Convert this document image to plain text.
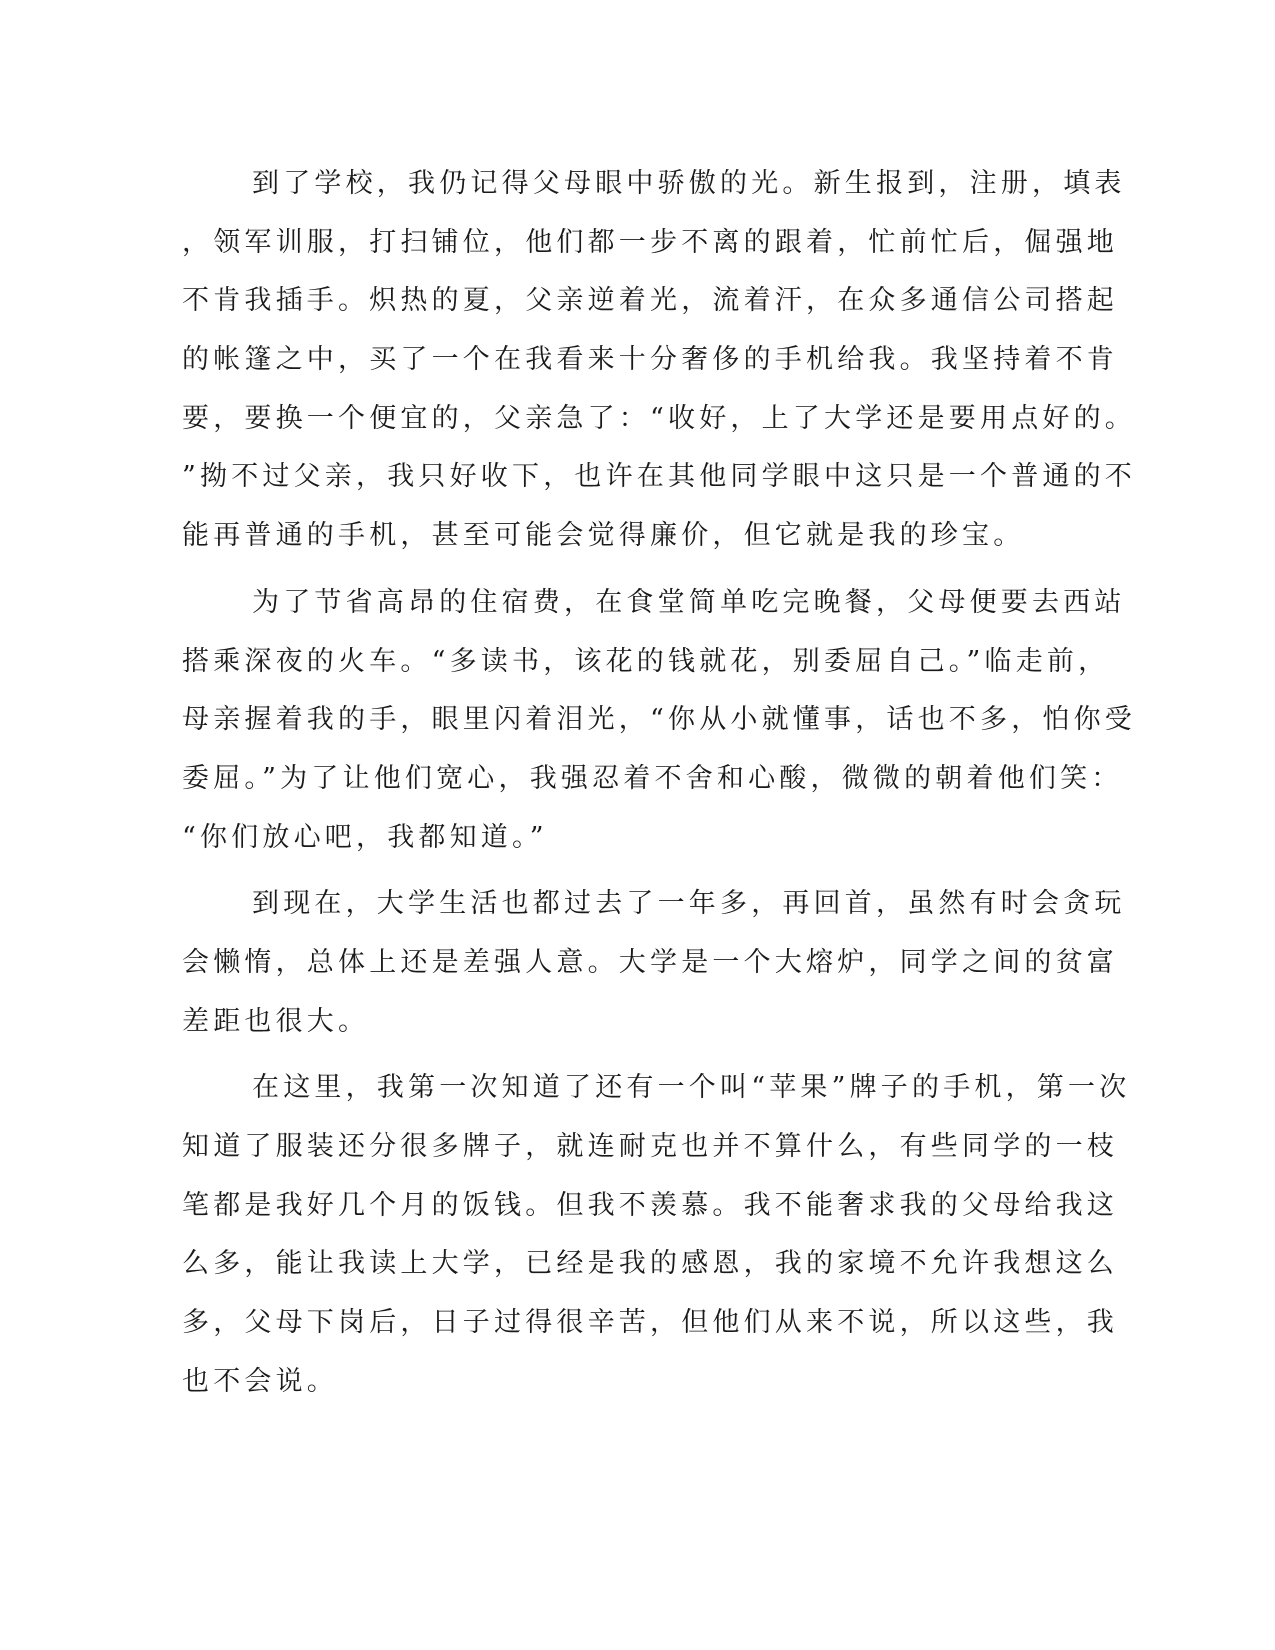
到了学校，我仍记得父母眼中骄傲的光。新生报到，注册，填表
，领军训服，打扫铺位，他们都一步不离的跟着，忙前忙后，倔强地
不肯我插手。炽热的夏，父亲逆着光，流着汗，在众多通信公司搭起
的帐篷之中，买了一个在我看来十分奢侈的手机给我。我坚持着不肯
要，要换一个便宜的，父亲急了：“收好，上了大学还是要用点好的。
”拗不过父亲，我只好收下，也许在其他同学眼中这只是一个普通的不
能再普通的手机，甚至可能会觉得廉价，但它就是我的珍宝。
为了节省高昂的住宿费，在食堂简单吃完晚餐，父母便要去西站
搭乘深夜的火车。“多读书，该花的钱就花，别委屈自己。”临走前，
母亲握着我的手，眼里闪着泪光，“你从小就懂事，话也不多，怕你受
委屈。”为了让他们宽心，我强忍着不舍和心酸，微微的朝着他们笑：
“你们放心吧，我都知道。”
到现在，大学生活也都过去了一年多，再回首，虽然有时会贪玩
会懒惰，总体上还是差强人意。大学是一个大熔炉，同学之间的贫富
差距也很大。
在这里，我第一次知道了还有一个叫“苹果”牌子的手机，第一次
知道了服装还分很多牌子，就连耐克也并不算什么，有些同学的一枝
笔都是我好几个月的饭钱。但我不羡慕。我不能奢求我的父母给我这
么多，能让我读上大学，已经是我的感恩，我的家境不允许我想这么
多，父母下岗后，日子过得很辛苦，但他们从来不说，所以这些，我
也不会说。
